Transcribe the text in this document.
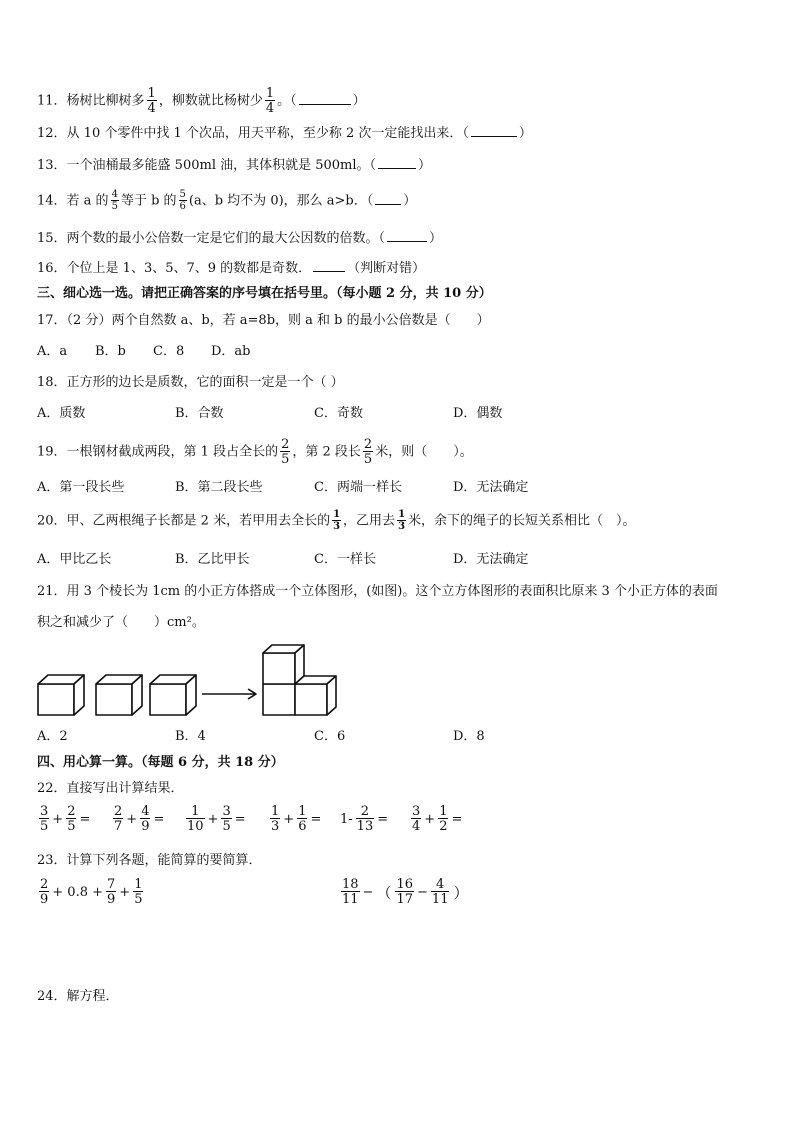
11．杨树比柳树多 $\frac{1}{4}$ ，柳数就比杨树少 $\frac{1}{4}$ 。（	）
12．从 10 个零件中找 1 个次品，用天平称，至少称 2 次一定能找出来．（	）
13．一个油桶最多能盛 500ml 油，其体积就是 500ml。（	）
14．若 a 的 $\frac{4}{5}$ 等于 b 的 $\frac{5}{6} (a$、b 均不为 0)，那么 a>b．（ ）
15．两个数的最小公倍数一定是它们的最大公因数的倍数。（	）
16．个位上是 1、3、5、7、9 的数都是奇数．	（判断对错）
三、细心选一选。请把正确答案的序号填在括号里。（每小题 2 分，共 10 分）
17．（2 分）两个自然数 a、b，若 a=8b，则 a 和 b 的最小公倍数是（　　）
A．a B．b C．8 D．ab
18．正方形的边长是质数，它的面积一定是一个（ ）
A．质数	B．合数	C．奇数	D．偶数
19．一根钢材截成两段，第 1 段占全长的 $\frac{2}{5}$ ，第 2 段长 $\frac{2}{5}$ 米，则（　　）。
A．第一段长些	B．第二段长些	C．两端一样长	D．无法确定
20．甲、乙两根绳子长都是 2 米，若甲用去全长的 $\frac{1}{3}$ ，乙用去 $\frac{1}{3}$ 米，余下的绳子的长短关系相比（　）。
A．甲比乙长	B．乙比甲长	C．一样长	D．无法确定
21．用 3 个棱长为 1cm 的小正方体搭成一个立体图形，(如图)。这个立方体图形的表面积比原来 3 个小正方体的表面
积之和减少了（　　）cm²。
A．2	B．4	C．6	D．8
四、用心算一算。（每题 6 分，共 18 分）
22．直接写出计算结果．
$\frac{3}{5} + \frac{2}{5} = \frac{2}{7} + \frac{4}{9} = \frac{1}{10} + \frac{3}{5} = \frac{1}{3} + \frac{1}{6} = 1- \frac{2}{13} = \frac{3}{4} + \frac{1}{2}$ =
23．计算下列各题，能简算的要简算．
$\frac{2}{9} + 0.8 + \frac{7}{9} + \frac{1}{5}$	$\frac{18}{11}$ − （ $\frac{16}{17} - \frac{4}{11}$ ）
24．解方程．
